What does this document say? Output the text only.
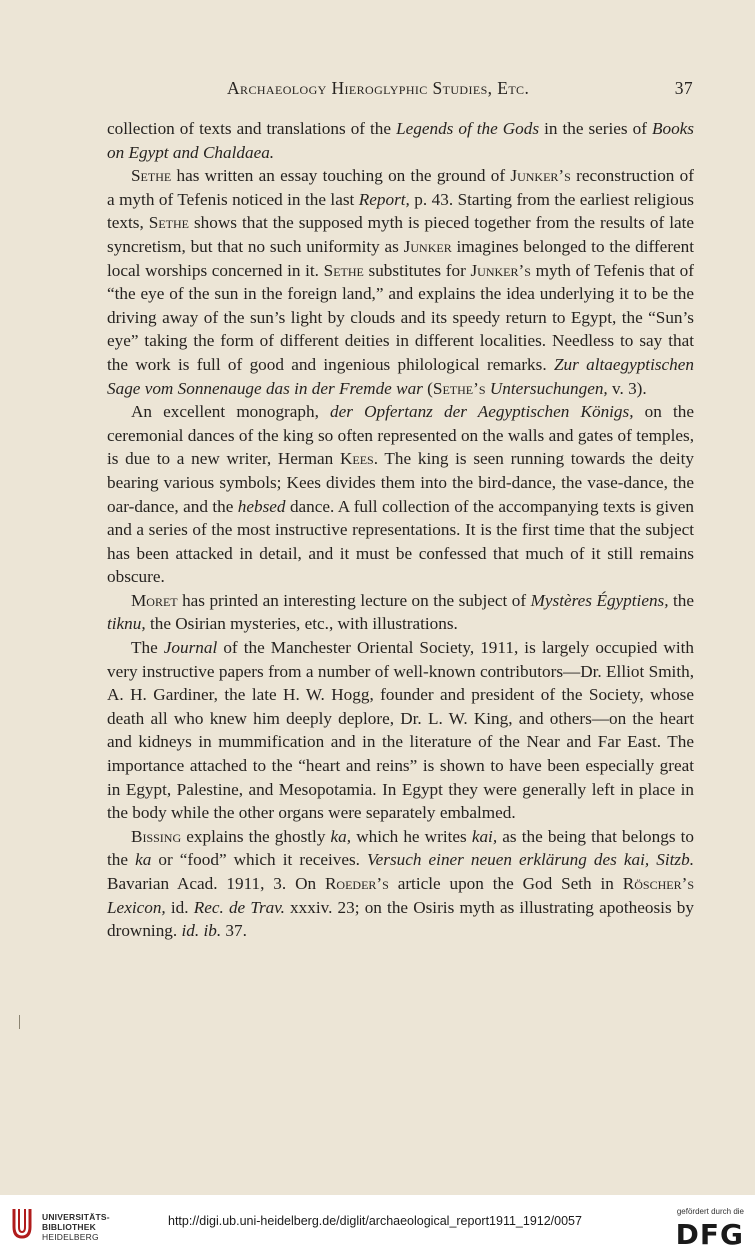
Archaeology Hieroglyphic Studies, Etc.	37

collection of texts and translations of the Legends of the Gods in the series of Books on Egypt and Chaldaea.

Sethe has written an essay touching on the ground of Junker’s reconstruction of a myth of Tefenis noticed in the last Report, p. 43. Starting from the earliest religious texts, Sethe shows that the supposed myth is pieced together from the results of late syncretism, but that no such uniformity as Junker imagines belonged to the different local worships concerned in it. Sethe substitutes for Junker’s myth of Tefenis that of “the eye of the sun in the foreign land,” and explains the idea underlying it to be the driving away of the sun’s light by clouds and its speedy return to Egypt, the “Sun’s eye” taking the form of different deities in different localities. Needless to say that the work is full of good and ingenious philological remarks. Zur altaegyptischen Sage vom Sonnenauge das in der Fremde war (Sethe’s Untersuchungen, v. 3).

An excellent monograph, der Opfertanz der Aegyptischen Königs, on the ceremonial dances of the king so often represented on the walls and gates of temples, is due to a new writer, Herman Kees. The king is seen running towards the deity bearing various symbols; Kees divides them into the bird-dance, the vase-dance, the oar-dance, and the hebsed dance. A full collection of the accompanying texts is given and a series of the most instructive representations. It is the first time that the subject has been attacked in detail, and it must be confessed that much of it still remains obscure.

Moret has printed an interesting lecture on the subject of Mystères Égyptiens, the tiknu, the Osirian mysteries, etc., with illustrations.

The Journal of the Manchester Oriental Society, 1911, is largely occupied with very instructive papers from a number of well-known contributors—Dr. Elliot Smith, A. H. Gardiner, the late H. W. Hogg, founder and president of the Society, whose death all who knew him deeply deplore, Dr. L. W. King, and others—on the heart and kidneys in mummification and in the literature of the Near and Far East. The importance attached to the “heart and reins” is shown to have been especially great in Egypt, Palestine, and Mesopotamia. In Egypt they were generally left in place in the body while the other organs were separately embalmed.

Bissing explains the ghostly ka, which he writes kai, as the being that belongs to the ka or “food” which it receives. Versuch einer neuen erklärung des kai, Sitzb. Bavarian Acad. 1911, 3. On Roeder’s article upon the God Seth in Röscher’s Lexicon, id. Rec. de Trav. xxxiv. 23; on the Osiris myth as illustrating apotheosis by drowning. id. ib. 37.

UNIVERSITÄTS-
BIBLIOTHEK
HEIDELBERG
http://digi.ub.uni-heidelberg.de/diglit/archaeological_report1911_1912/0057
gefördert durch die
DFG
